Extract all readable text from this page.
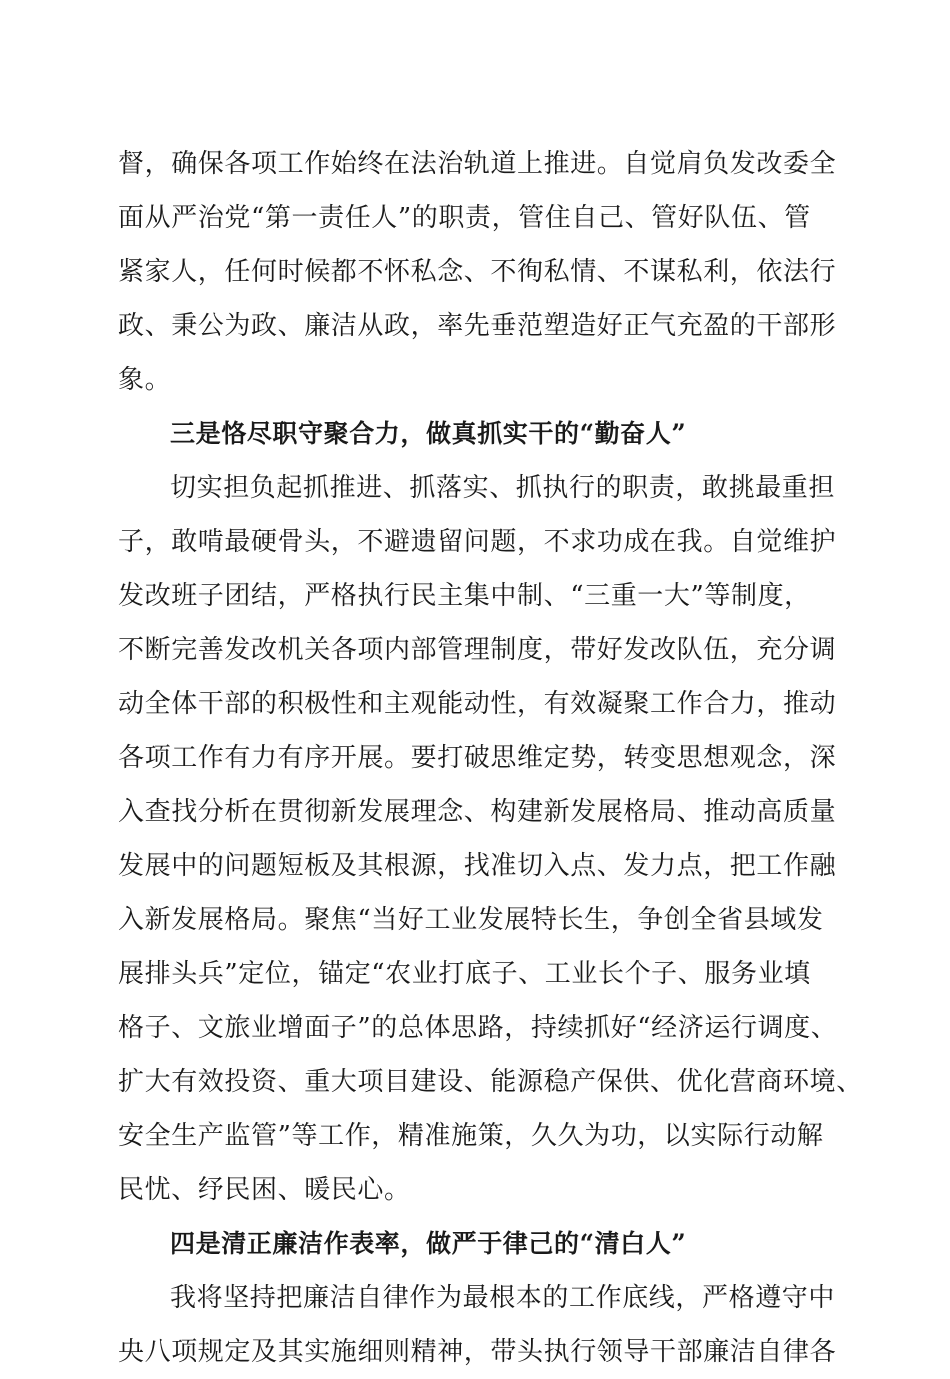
督，确保各项工作始终在法治轨道上推进。自觉肩负发改委全
面从严治党“第一责任人”的职责，管住自己、管好队伍、管
紧家人，任何时候都不怀私念、不徇私情、不谋私利，依法行
政、秉公为政、廉洁从政，率先垂范塑造好正气充盈的干部形
象。
三是恪尽职守聚合力，做真抓实干的“勤奋人”
切实担负起抓推进、抓落实、抓执行的职责，敢挑最重担
子，敢啃最硬骨头，不避遗留问题，不求功成在我。自觉维护
发改班子团结，严格执行民主集中制、“三重一大”等制度，
不断完善发改机关各项内部管理制度，带好发改队伍，充分调
动全体干部的积极性和主观能动性，有效凝聚工作合力，推动
各项工作有力有序开展。要打破思维定势，转变思想观念，深
入查找分析在贯彻新发展理念、构建新发展格局、推动高质量
发展中的问题短板及其根源，找准切入点、发力点，把工作融
入新发展格局。聚焦“当好工业发展特长生，争创全省县域发
展排头兵”定位，锚定“农业打底子、工业长个子、服务业填
格子、文旅业增面子”的总体思路，持续抓好“经济运行调度、
扩大有效投资、重大项目建设、能源稳产保供、优化营商环境、
安全生产监管”等工作，精准施策，久久为功，以实际行动解
民忧、纾民困、暖民心。
四是清正廉洁作表率，做严于律己的“清白人”
我将坚持把廉洁自律作为最根本的工作底线，严格遵守中
央八项规定及其实施细则精神，带头执行领导干部廉洁自律各
